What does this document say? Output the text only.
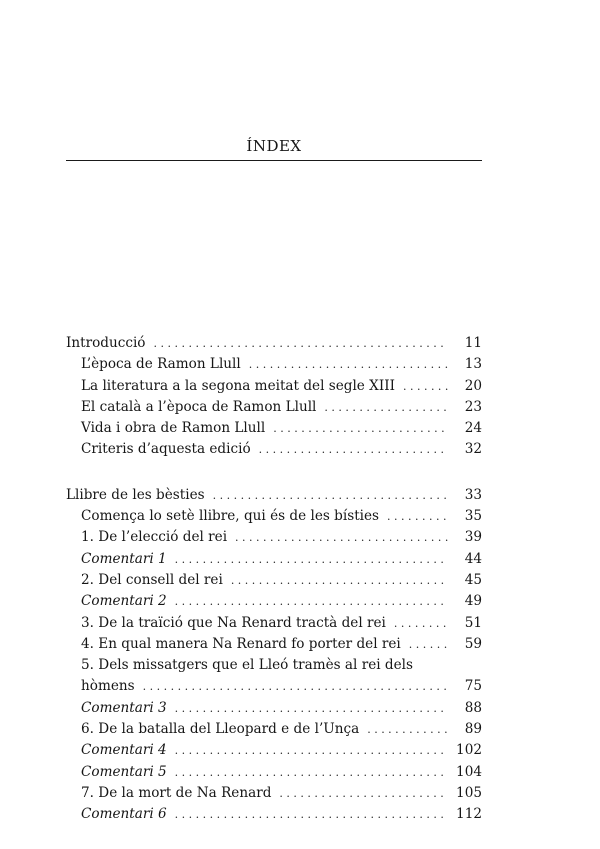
ÍNDEX
Introducció . . .	11
L’època de Ramon Llull . . .	13
La literatura a la segona meitat del segle XIII . . .	20
El català a l’època de Ramon Llull . . .	23
Vida i obra de Ramon Llull . . .	24
Criteris d’aquesta edició . . .	32
Llibre de les bèsties . . .	33
Comença lo setè llibre, qui és de les bísties . . .	35
1. De l’elecció del rei . . .	39
Comentari 1 . . .	44
2. Del consell del rei . . .	45
Comentari 2 . . .	49
3. De la traïció que Na Renard tractà del rei . . .	51
4. En qual manera Na Renard fo porter del rei . . .	59
5. Dels missatgers que el Lleó tramès al rei dels
hòmens . . .	75
Comentari 3 . . .	88
6. De la batalla del Lleopard e de l’Unça . . .	89
Comentari 4 . . .	102
Comentari 5 . . .	104
7. De la mort de Na Renard . . .	105
Comentari 6 . . .	112
